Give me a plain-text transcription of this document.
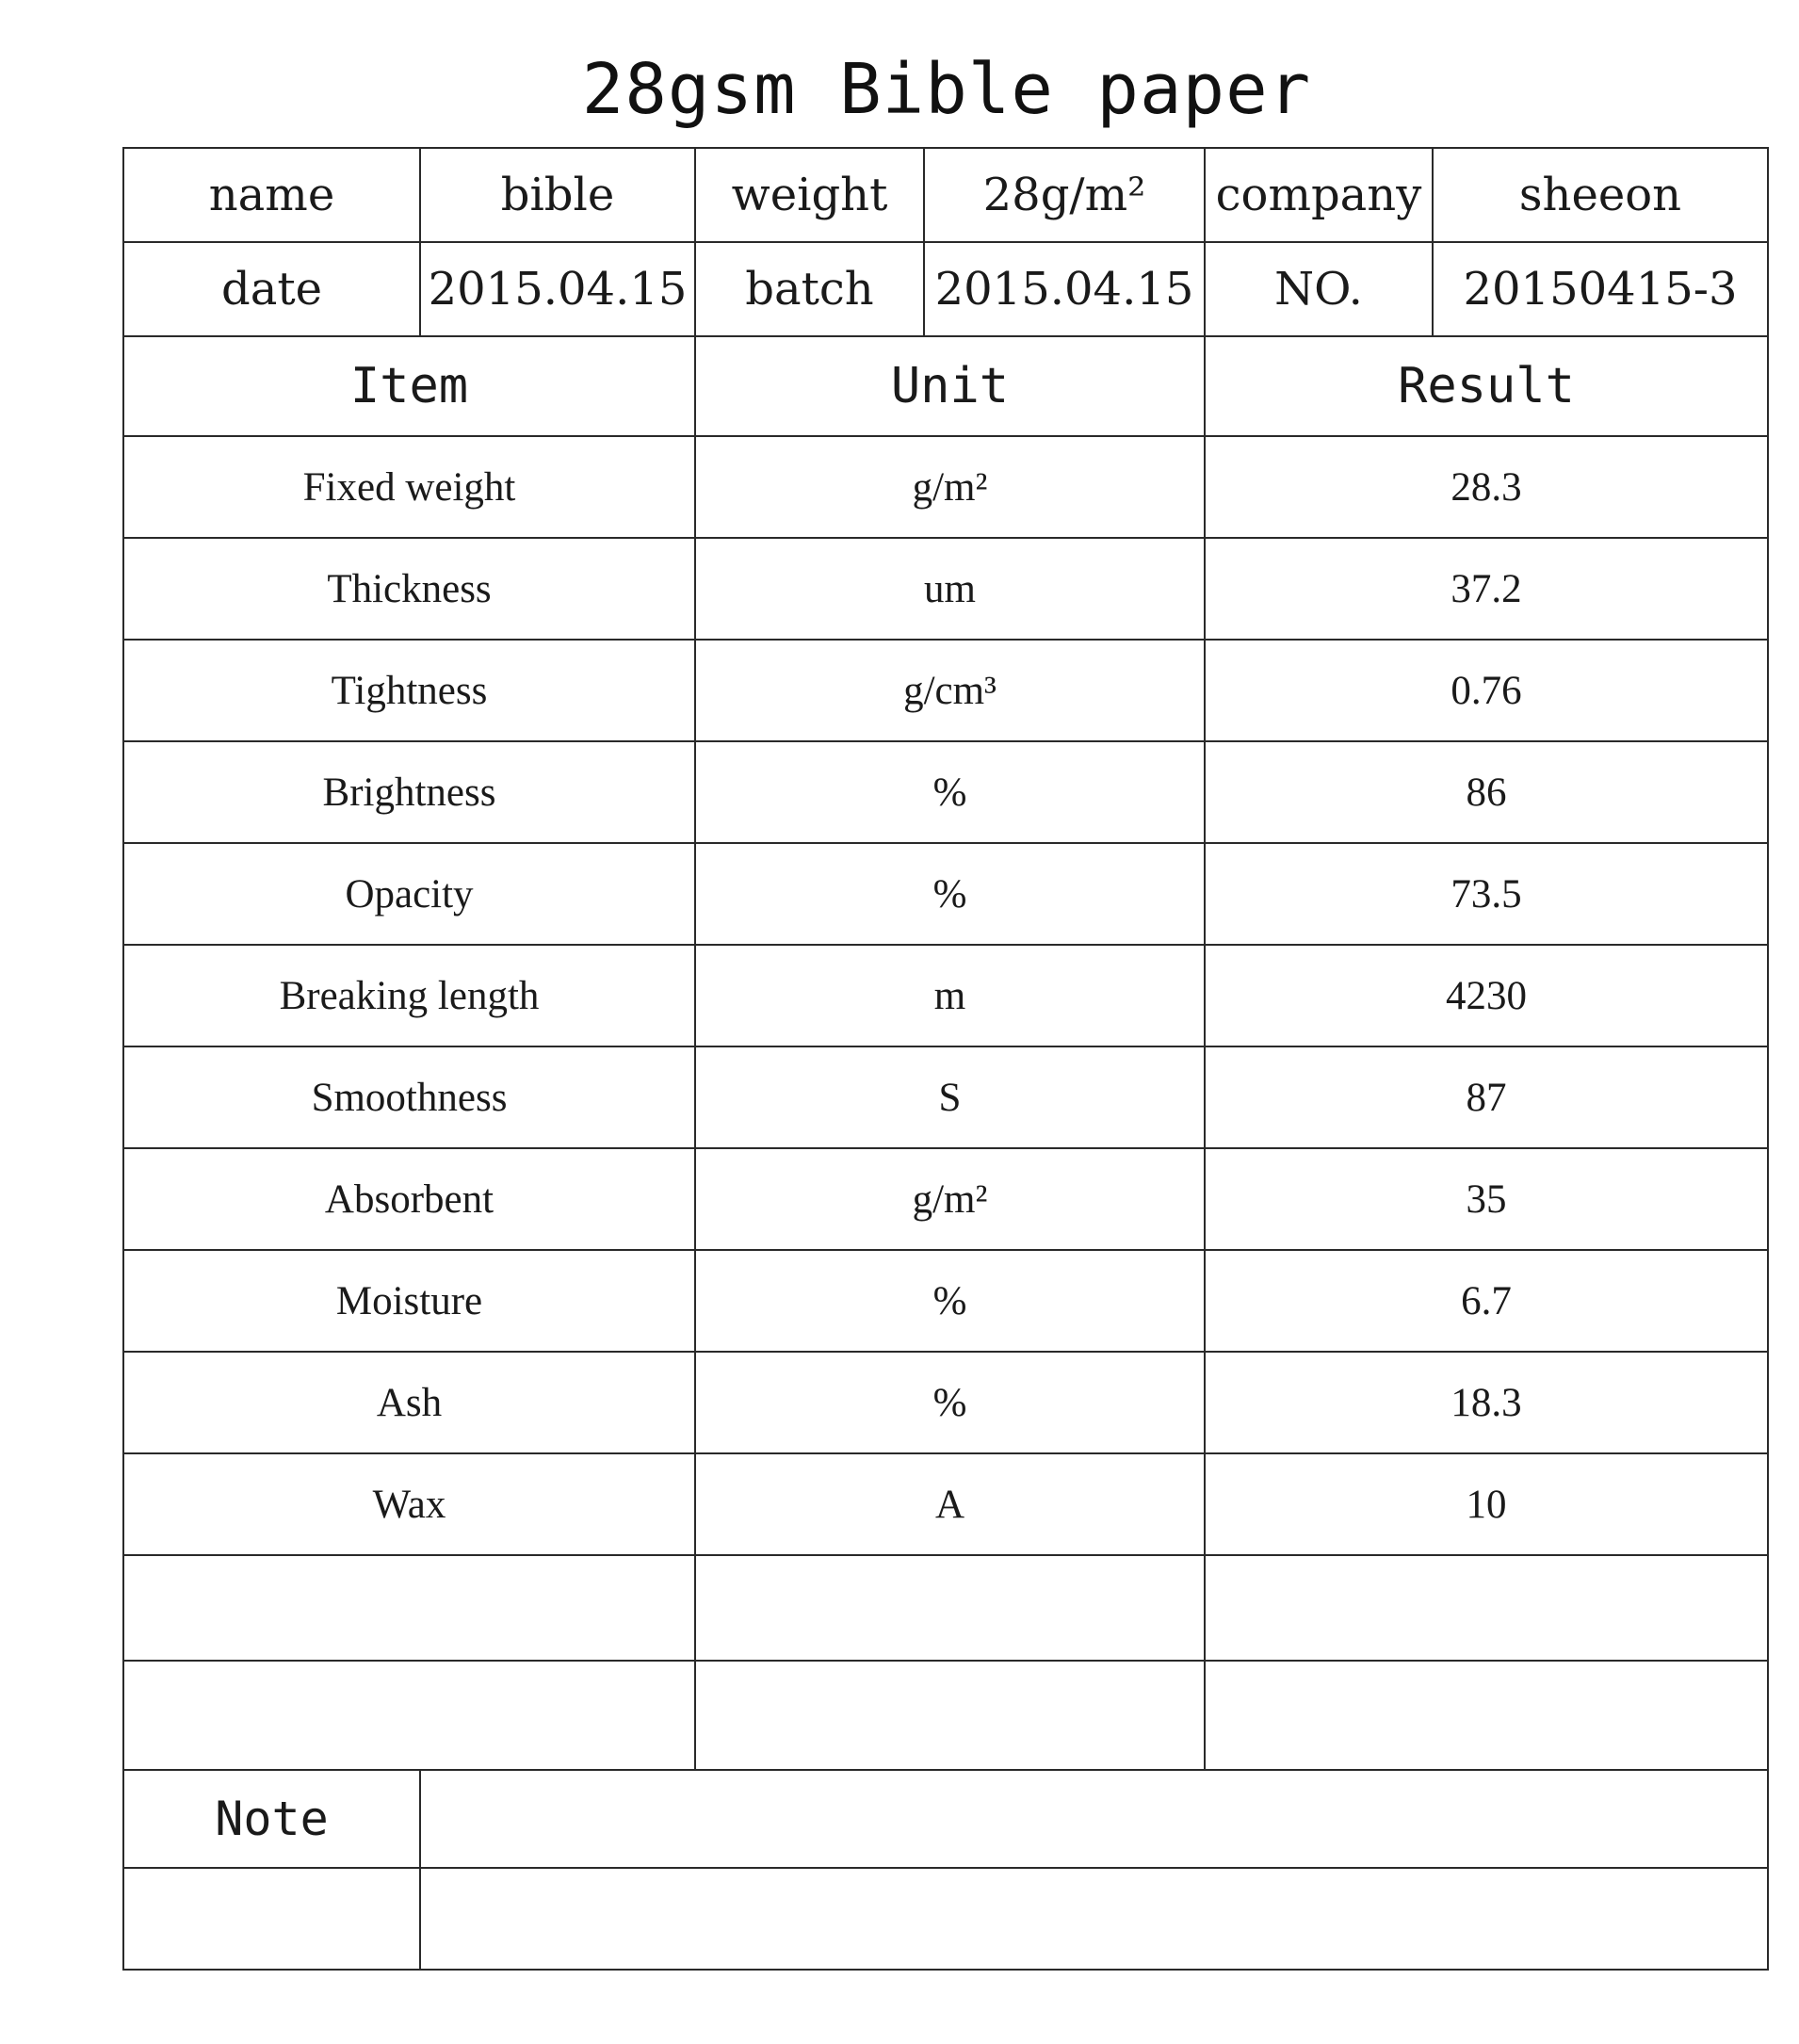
28gsm Bible paper
name	bible	weight	28g/m²	company	sheeon
date	2015.04.15	batch	2015.04.15	NO.	20150415-3
Item		Unit		Result	
Fixed weight		g/m²		28.3	
Thickness		um		37.2	
Tightness		g/cm³		0.76	
Brightness		%		86	
Opacity		%		73.5	
Breaking length		m		4230	
Smoothness		S		87	
Absorbent		g/m²		35	
Moisture		%		6.7	
Ash		%		18.3	
Wax		A		10	

Note					
